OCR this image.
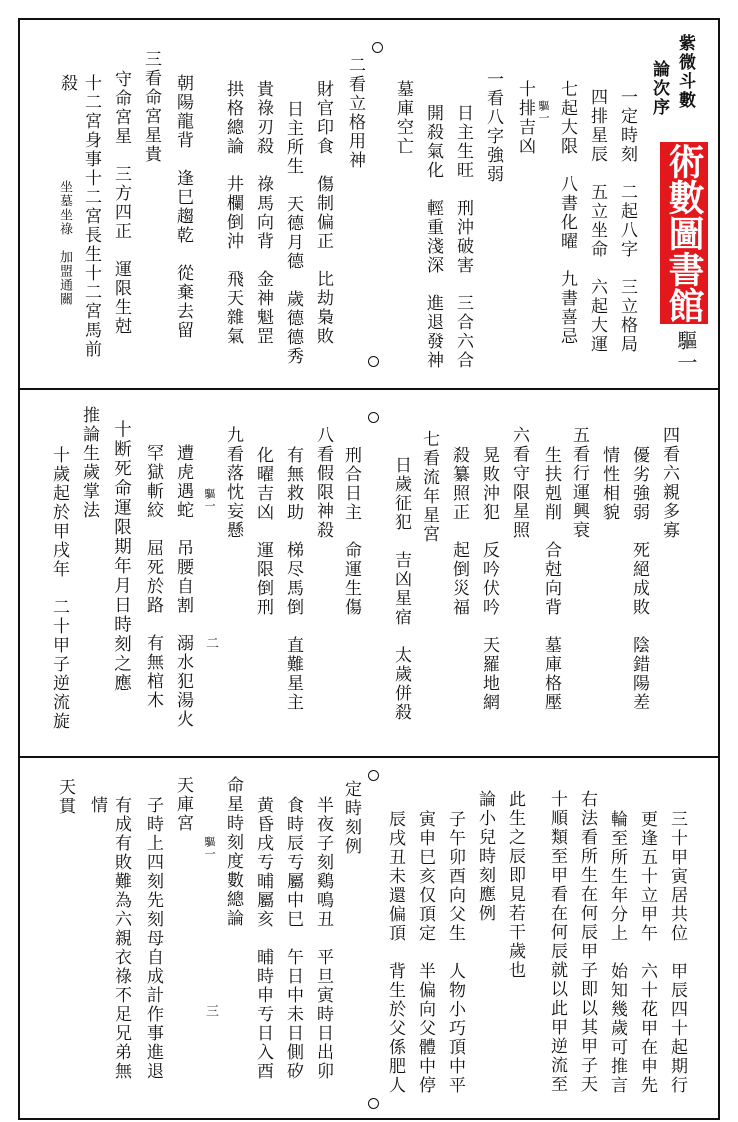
術數圖書館
紫微斗數
論次序
驅一
一定時刻　二起八字　三立格局
四排星辰　五立坐命　六起大運
七起大限　八書化曜　九書喜忌
驅一
十排吉凶
一看八字強弱
日主生旺　刑沖破害　三合六合
開殺氣化　輕重淺深　進退發神
墓庫空亡
二看立格用神
財官印食　傷制偏正　比劫梟敗
日主所生　天德月德　歲德德秀
貴祿刃殺　祿馬向背　金神魁罡
拱格總論　井欄倒沖　飛天雜氣
朝陽龍背　逢巳趨乾　從棄去留
三看命宮星貴
守命宮星　三方四正　運限生尅
十二宮身事十二宮長生十二宮馬前
殺
坐墓坐祿　加盟通關
四看六親多寡
優劣強弱　死絕成敗　陰錯陽差
情性相貌
五看行運興衰
生扶剋削　合尅向背　墓庫格壓
六看守限星照
晃敗沖犯　反吟伏吟　天羅地網
殺纂照正　起倒災福
七看流年星宮
日歲征犯　吉凶星宿　太歲併殺
刑合日主　命運生傷
八看假限神殺
有無救助　梯尽馬倒　直難星主
化曜吉凶　運限倒刑
九看落忱妄懸
驅一
遭虎遇蛇　吊腰自割　溺水犯湯火
罕獄斬絞　屈死於路　有無棺木
十断死命運限期年月日時刻之應
推論生歲掌法
十歲起於甲戌年　二十甲子逆流旋	二
三十甲寅居共位　甲辰四十起期行
更逢五十立甲午　六十花甲在申先
輪至所生年分上　始知幾歲可推言
右法看所生在何辰甲子即以其甲子天
十順類至甲看在何辰就以此甲逆流至
此生之辰即見若干歲也
論小兒時刻應例
子午卯酉向父生　人物小巧頂中平
寅申巳亥仅頂定　半偏向父體中停
辰戌丑未還偏頂　背生於父係肥人
定時刻例
半夜子刻鷄鳴丑　平旦寅時日出卯
食時辰亐屬中巳　午日中未日側矽
黄昏戌亐晡屬亥　晡時申亐日入酉
命星時刻度數總論
驅一
天庫宮
子時上四刻先刻母自成計作事進退
有成有敗難為六親衣祿不足兄弟無
情
天貫
三
